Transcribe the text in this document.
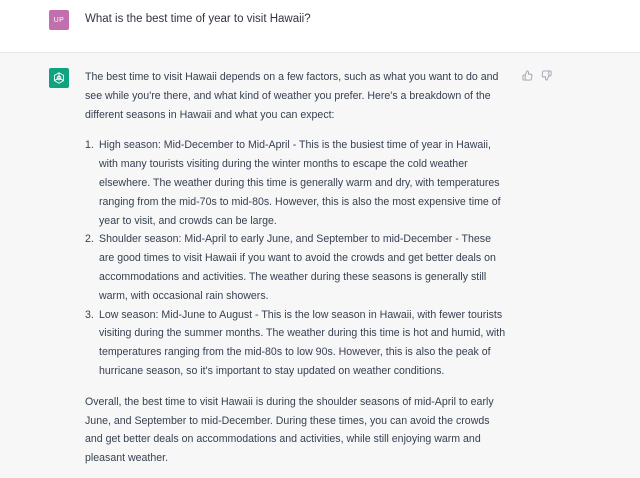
UP	What is the best time of year to visit Hawaii?

The best time to visit Hawaii depends on a few factors, such as what you want to do and
see while you're there, and what kind of weather you prefer. Here's a breakdown of the
different seasons in Hawaii and what you can expect:

1. High season: Mid-December to Mid-April - This is the busiest time of year in Hawaii,
with many tourists visiting during the winter months to escape the cold weather
elsewhere. The weather during this time is generally warm and dry, with temperatures
ranging from the mid-70s to mid-80s. However, this is also the most expensive time of
year to visit, and crowds can be large.
2. Shoulder season: Mid-April to early June, and September to mid-December - These
are good times to visit Hawaii if you want to avoid the crowds and get better deals on
accommodations and activities. The weather during these seasons is generally still
warm, with occasional rain showers.
3. Low season: Mid-June to August - This is the low season in Hawaii, with fewer tourists
visiting during the summer months. The weather during this time is hot and humid, with
temperatures ranging from the mid-80s to low 90s. However, this is also the peak of
hurricane season, so it's important to stay updated on weather conditions.

Overall, the best time to visit Hawaii is during the shoulder seasons of mid-April to early
June, and September to mid-December. During these times, you can avoid the crowds
and get better deals on accommodations and activities, while still enjoying warm and
pleasant weather.
